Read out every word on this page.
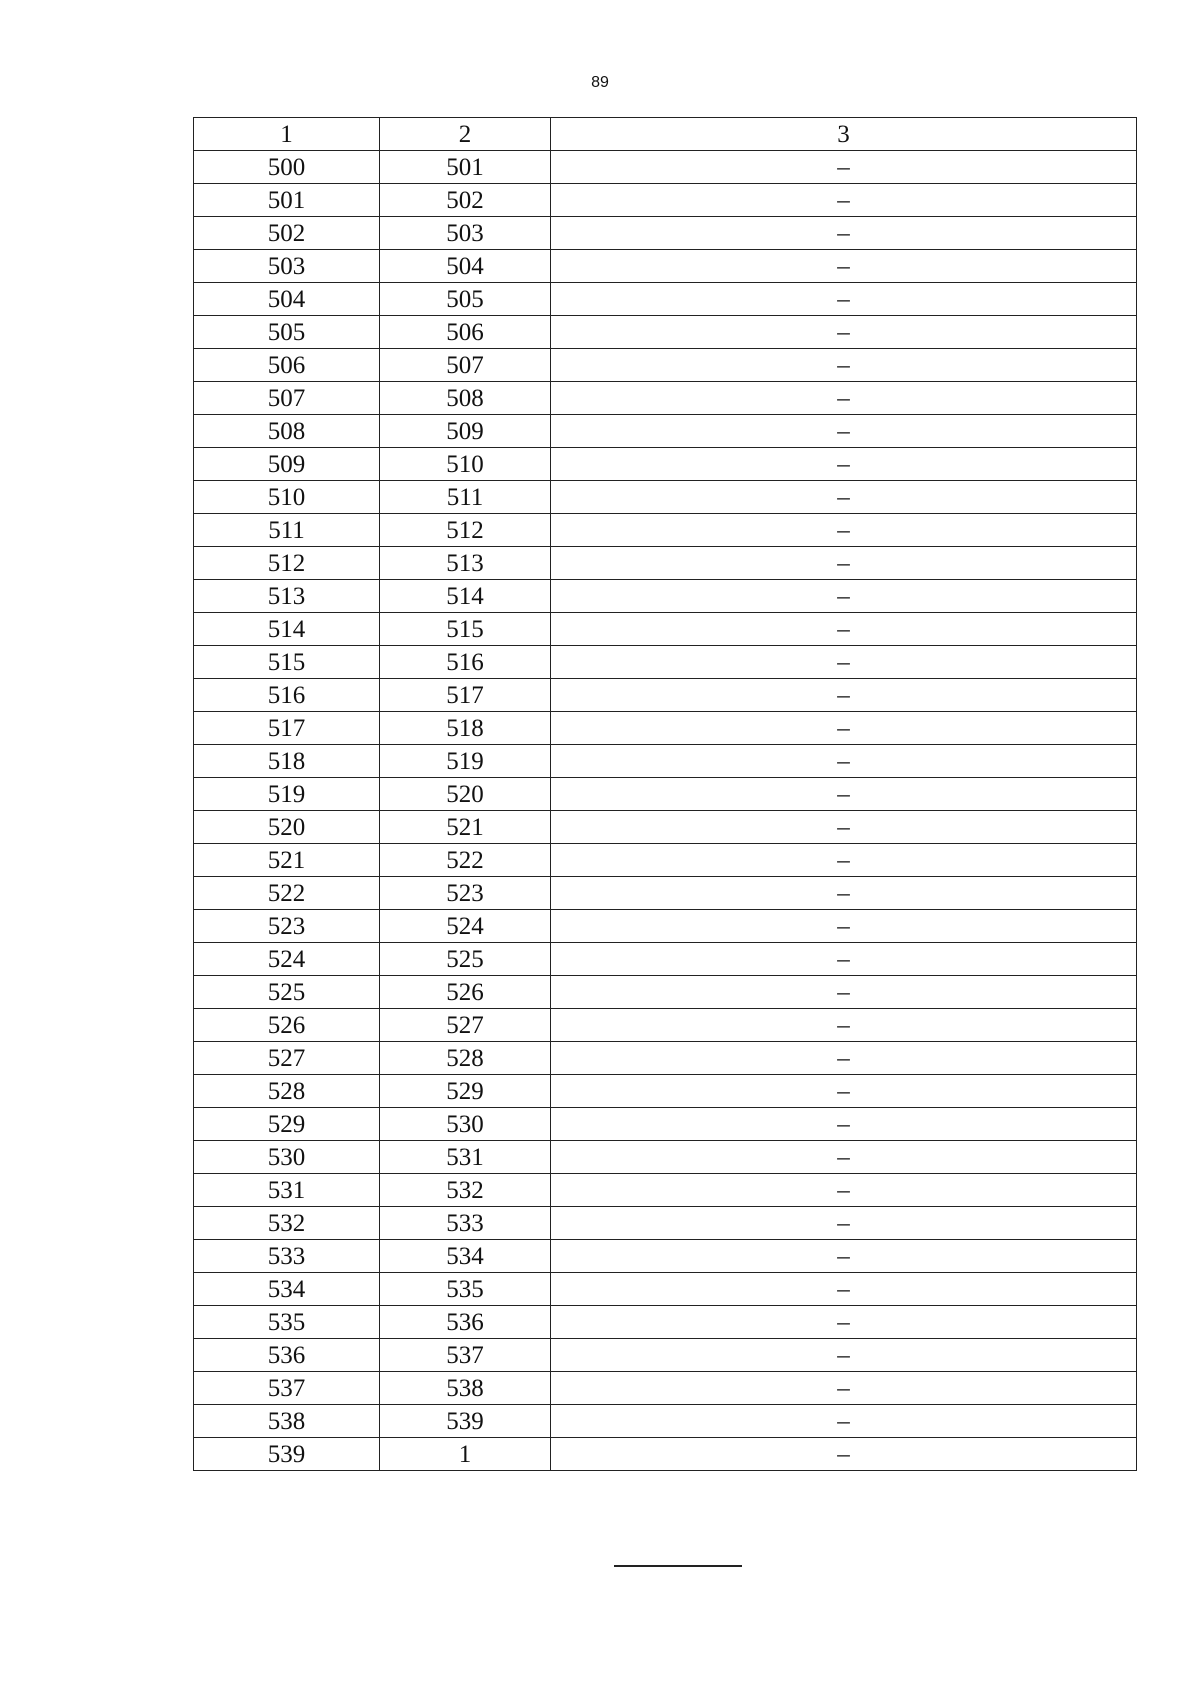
89
1	2	3
500	501	–
501	502	–
502	503	–
503	504	–
504	505	–
505	506	–
506	507	–
507	508	–
508	509	–
509	510	–
510	511	–
511	512	–
512	513	–
513	514	–
514	515	–
515	516	–
516	517	–
517	518	–
518	519	–
519	520	–
520	521	–
521	522	–
522	523	–
523	524	–
524	525	–
525	526	–
526	527	–
527	528	–
528	529	–
529	530	–
530	531	–
531	532	–
532	533	–
533	534	–
534	535	–
535	536	–
536	537	–
537	538	–
538	539	–
539	1	–
